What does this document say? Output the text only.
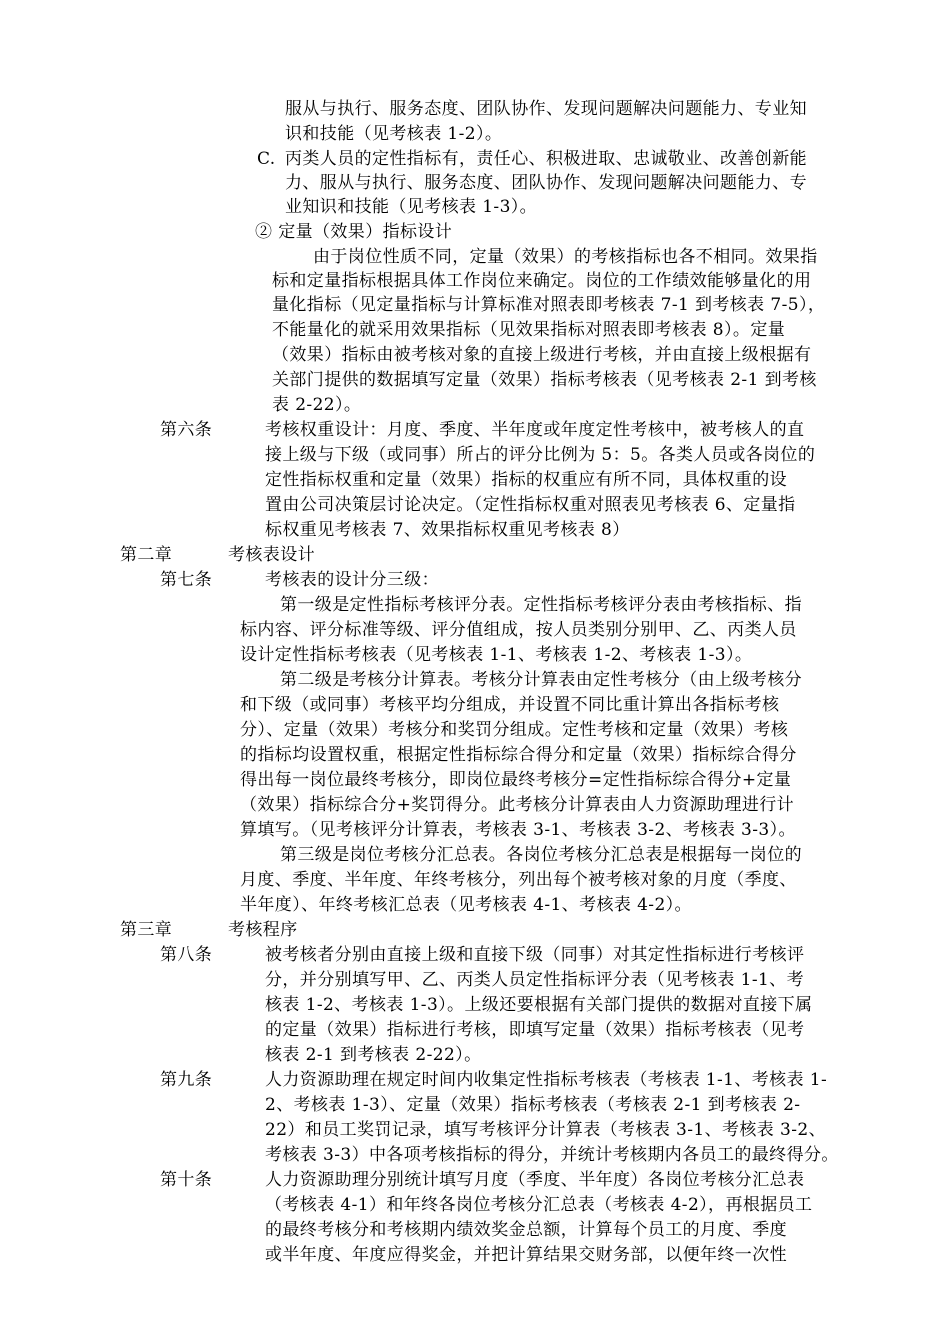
服从与执行、服务态度、团队协作、发现问题解决问题能力、专业知
识和技能（见考核表 1-2）。
C. 丙类人员的定性指标有，责任心、积极进取、忠诚敬业、改善创新能
力、服从与执行、服务态度、团队协作、发现问题解决问题能力、专
业知识和技能（见考核表 1-3）。
② 定量（效果）指标设计
由于岗位性质不同，定量（效果）的考核指标也各不相同。效果指
标和定量指标根据具体工作岗位来确定。岗位的工作绩效能够量化的用
量化指标（见定量指标与计算标准对照表即考核表 7-1 到考核表 7-5），
不能量化的就采用效果指标（见效果指标对照表即考核表 8）。定量
（效果）指标由被考核对象的直接上级进行考核，并由直接上级根据有
关部门提供的数据填写定量（效果）指标考核表（见考核表 2-1 到考核
表 2-22）。
第六条	考核权重设计：月度、季度、半年度或年度定性考核中，被考核人的直
接上级与下级（或同事）所占的评分比例为 5：5。各类人员或各岗位的
定性指标权重和定量（效果）指标的权重应有所不同，具体权重的设
置由公司决策层讨论决定。（定性指标权重对照表见考核表 6、定量指
标权重见考核表 7、效果指标权重见考核表 8）
第二章	考核表设计
第七条	考核表的设计分三级：
第一级是定性指标考核评分表。定性指标考核评分表由考核指标、指
标内容、评分标准等级、评分值组成，按人员类别分别甲、乙、丙类人员
设计定性指标考核表（见考核表 1-1、考核表 1-2、考核表 1-3）。
第二级是考核分计算表。考核分计算表由定性考核分（由上级考核分
和下级（或同事）考核平均分组成，并设置不同比重计算出各指标考核
分）、定量（效果）考核分和奖罚分组成。定性考核和定量（效果）考核
的指标均设置权重，根据定性指标综合得分和定量（效果）指标综合得分
得出每一岗位最终考核分，即岗位最终考核分=定性指标综合得分+定量
（效果）指标综合分+奖罚得分。此考核分计算表由人力资源助理进行计
算填写。（见考核评分计算表，考核表 3-1、考核表 3-2、考核表 3-3）。
第三级是岗位考核分汇总表。各岗位考核分汇总表是根据每一岗位的
月度、季度、半年度、年终考核分，列出每个被考核对象的月度（季度、
半年度）、年终考核汇总表（见考核表 4-1、考核表 4-2）。
第三章	考核程序
第八条	被考核者分别由直接上级和直接下级（同事）对其定性指标进行考核评
分，并分别填写甲、乙、丙类人员定性指标评分表（见考核表 1-1、考
核表 1-2、考核表 1-3）。上级还要根据有关部门提供的数据对直接下属
的定量（效果）指标进行考核，即填写定量（效果）指标考核表（见考
核表 2-1 到考核表 2-22）。
第九条	人力资源助理在规定时间内收集定性指标考核表（考核表 1-1、考核表 1-
2、考核表 1-3）、定量（效果）指标考核表（考核表 2-1 到考核表 2-
22）和员工奖罚记录，填写考核评分计算表（考核表 3-1、考核表 3-2、
考核表 3-3）中各项考核指标的得分，并统计考核期内各员工的最终得分。
第十条	人力资源助理分别统计填写月度（季度、半年度）各岗位考核分汇总表
（考核表 4-1）和年终各岗位考核分汇总表（考核表 4-2），再根据员工
的最终考核分和考核期内绩效奖金总额，计算每个员工的月度、季度
或半年度、年度应得奖金，并把计算结果交财务部，以便年终一次性
